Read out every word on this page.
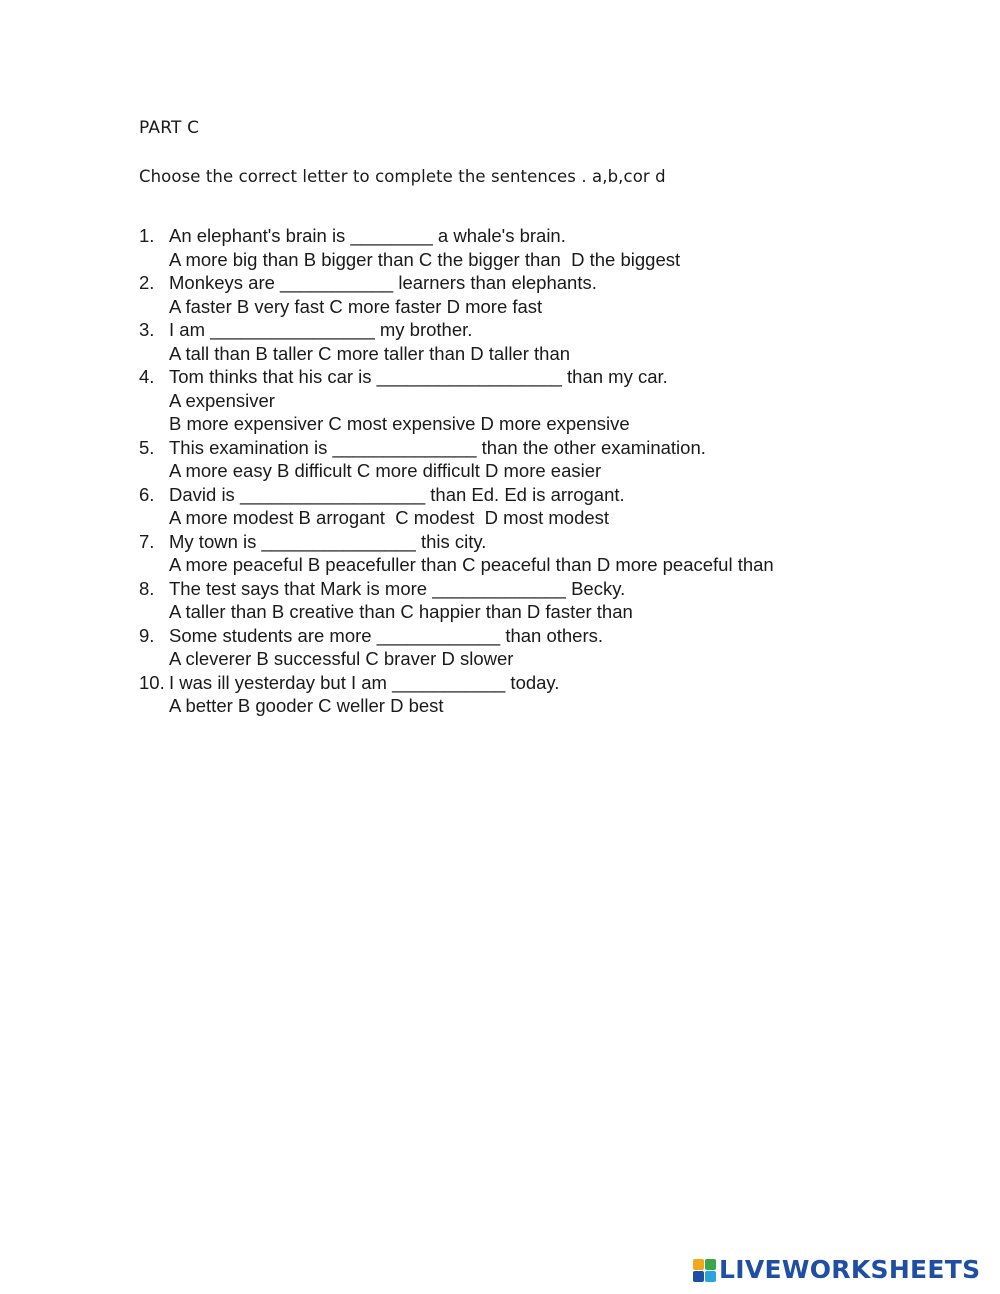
PART C
Choose the correct letter to complete the sentences . a,b,cor d
1. An elephant's brain is ________ a whale's brain.
A more big than B bigger than C the bigger than  D the biggest
2. Monkeys are ___________ learners than elephants.
A faster B very fast C more faster D more fast
3. I am ________________ my brother.
A tall than B taller C more taller than D taller than
4. Tom thinks that his car is __________________ than my car.
A expensiver
B more expensiver C most expensive D more expensive
5. This examination is ______________ than the other examination.
A more easy B difficult C more difficult D more easier
6. David is __________________ than Ed. Ed is arrogant.
A more modest B arrogant  C modest  D most modest
7. My town is _______________ this city.
A more peaceful B peacefuller than C peaceful than D more peaceful than
8. The test says that Mark is more _____________ Becky.
A taller than B creative than C happier than D faster than
9. Some students are more ____________ than others.
A cleverer B successful C braver D slower
10. I was ill yesterday but I am ___________ today.
A better B gooder C weller D best
LIVEWORKSHEETS
